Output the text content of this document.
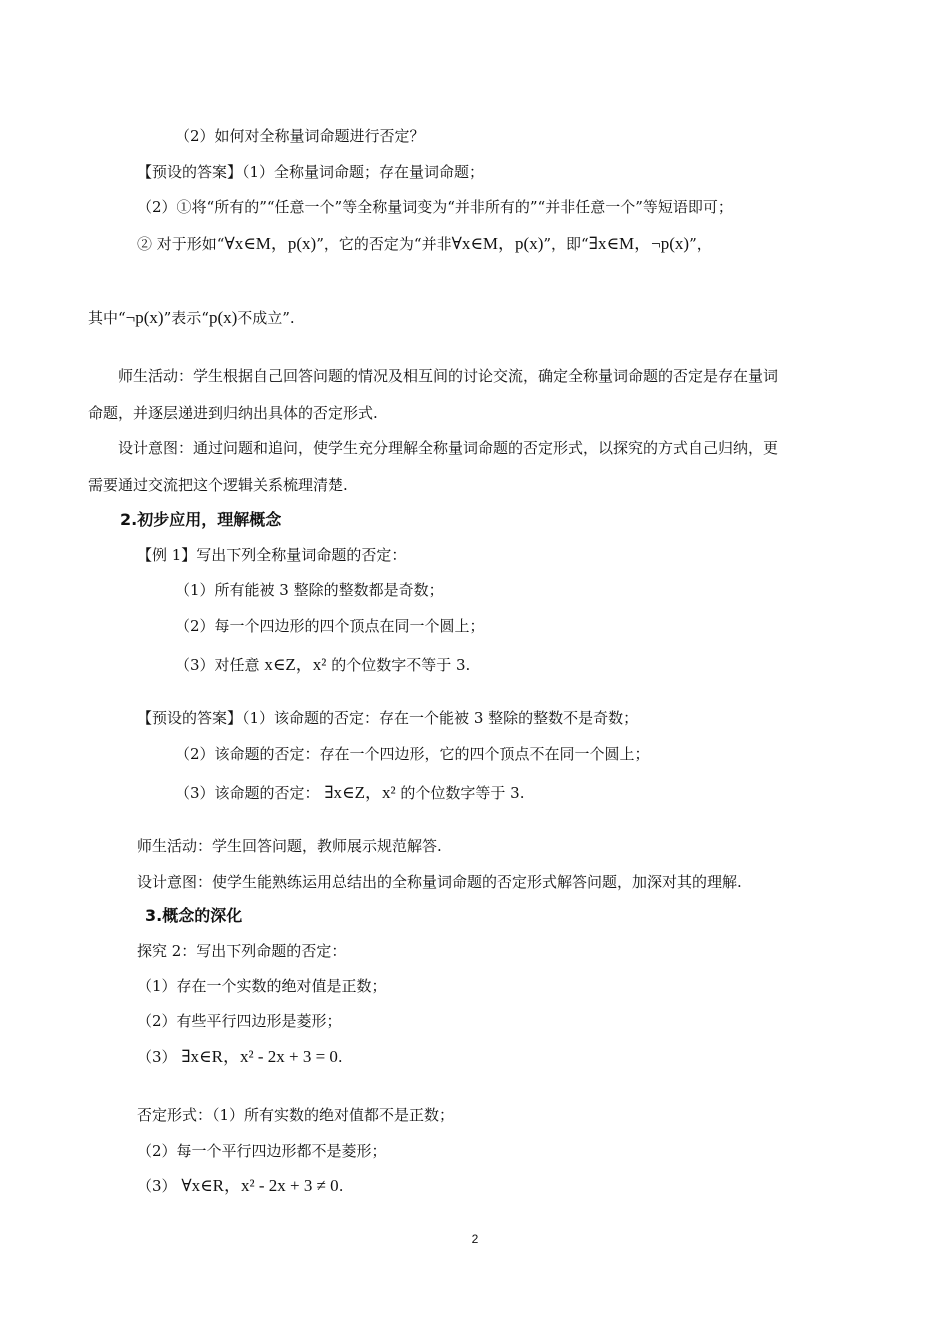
（2）如何对全称量词命题进行否定？
【预设的答案】（1）全称量词命题；存在量词命题；
（2）①将“所有的”“任意一个”等全称量词变为“并非所有的”“并非任意一个”等短语即可；
② 对于形如“∀x∈M，p(x)”，它的否定为“并非∀x∈M，p(x)”，即“∃x∈M，¬p(x)”，
其中“¬p(x)”表示“p(x)不成立”.
师生活动：学生根据自己回答问题的情况及相互间的讨论交流，确定全称量词命题的否定是存在量词
命题，并逐层递进到归纳出具体的否定形式.
设计意图：通过问题和追问，使学生充分理解全称量词命题的否定形式，以探究的方式自己归纳，更
需要通过交流把这个逻辑关系梳理清楚.
2.初步应用，理解概念
【例 1】写出下列全称量词命题的否定：
（1）所有能被 3 整除的整数都是奇数；
（2）每一个四边形的四个顶点在同一个圆上；
（3）对任意 x∈Z，x² 的个位数字不等于 3.
【预设的答案】（1）该命题的否定：存在一个能被 3 整除的整数不是奇数；
（2）该命题的否定：存在一个四边形，它的四个顶点不在同一个圆上；
（3）该命题的否定： ∃x∈Z，x² 的个位数字等于 3.
师生活动：学生回答问题，教师展示规范解答.
设计意图：使学生能熟练运用总结出的全称量词命题的否定形式解答问题，加深对其的理解.
3.概念的深化
探究 2：写出下列命题的否定：
（1）存在一个实数的绝对值是正数；
（2）有些平行四边形是菱形；
（3） ∃x∈R，x² - 2x + 3 = 0.
否定形式：（1）所有实数的绝对值都不是正数；
（2）每一个平行四边形都不是菱形；
（3） ∀x∈R，x² - 2x + 3 ≠ 0.
2
